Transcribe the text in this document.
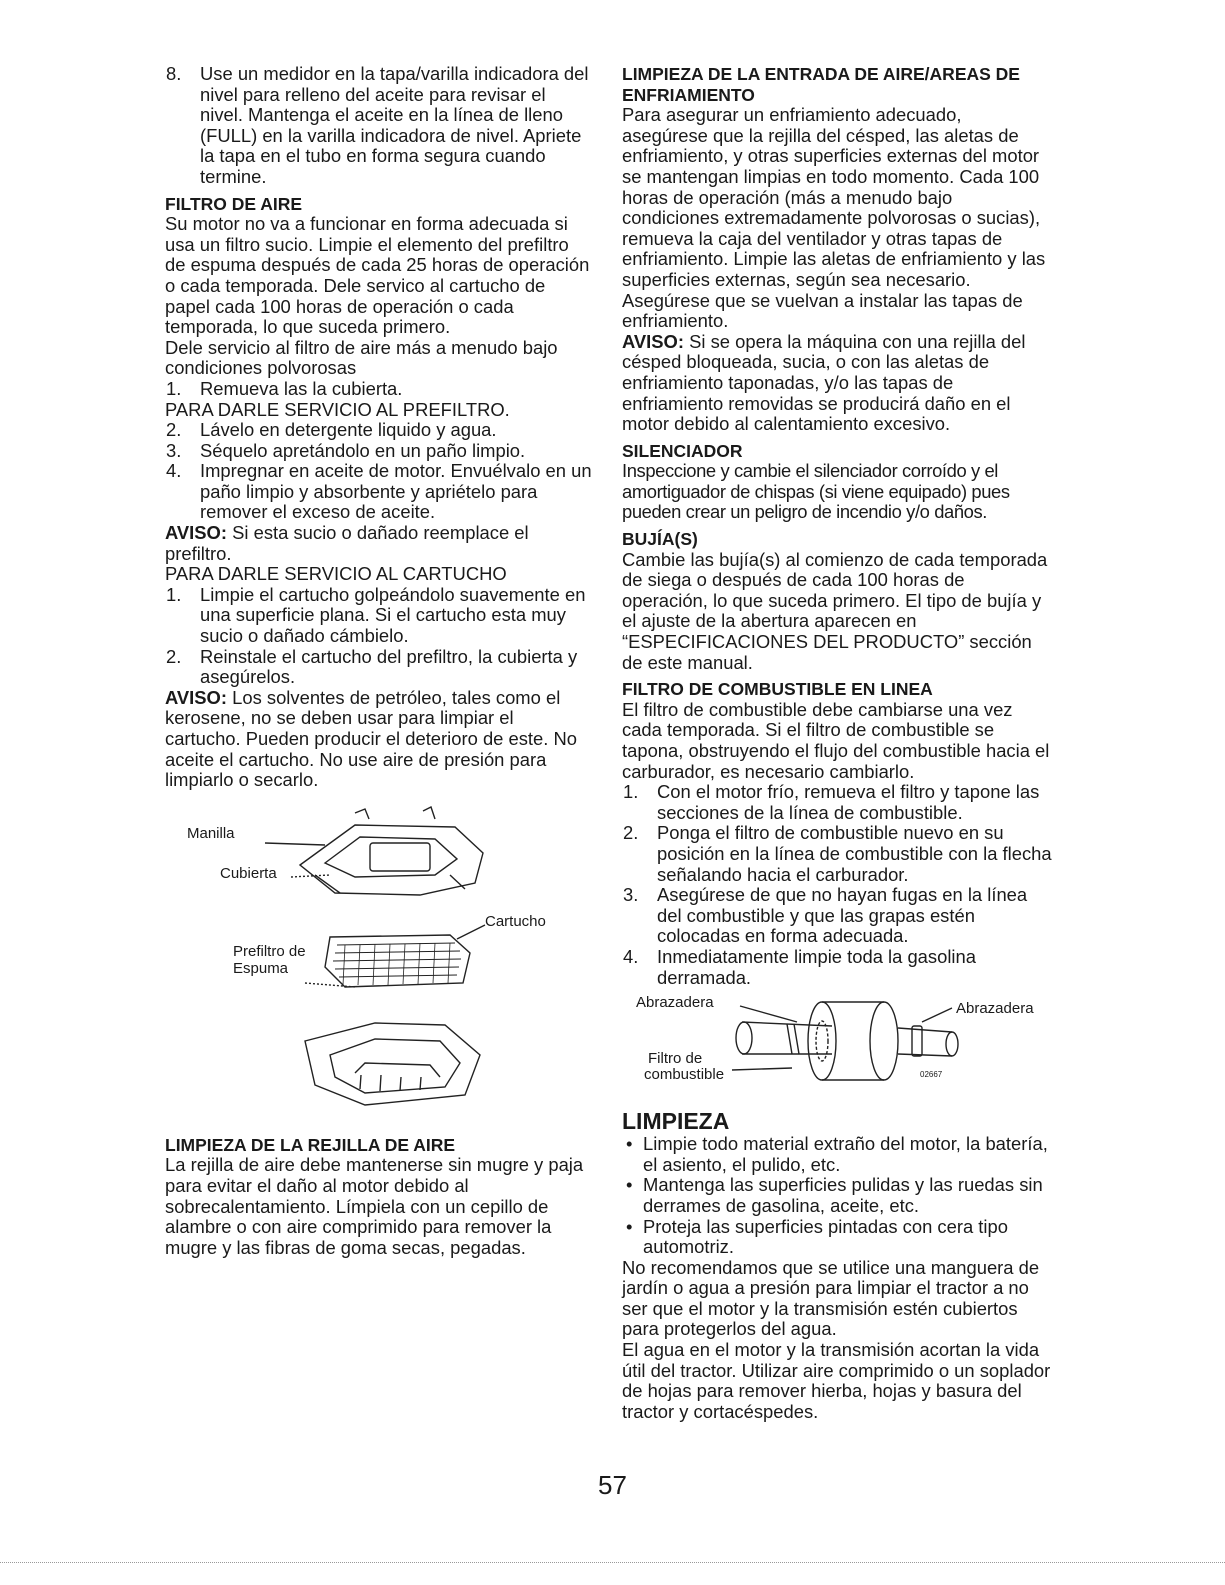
8. Use un medidor en la tapa/varilla indicadora del nivel para relleno del aceite para revisar el nivel. Mantenga el aceite en la línea de lleno (FULL) en la varilla indicadora de nivel. Apriete la tapa en el tubo en forma segura cuando termine.
FILTRO DE AIRE

Su motor no va a funcionar en forma adecuada si usa un filtro sucio. Limpie el elemento del prefiltro de espuma después de cada 25 horas de operación o cada temporada. Dele servico al cartucho de papel cada 100 horas de operación o cada temporada, lo que suceda primero.

Dele servicio al filtro de aire más a menudo bajo condiciones polvorosas

1. Remueva las la cubierta.

PARA DARLE SERVICIO AL PREFILTRO.

2. Lávelo en detergente liquido y agua.
3. Séquelo apretándolo en un paño limpio.
4. Impregnar en aceite de motor. Envuélvalo en un paño limpio y absorbente y apriételo para remover el exceso de aceite.

AVISO: Si esta sucio o dañado reemplace el prefiltro.

PARA DARLE SERVICIO AL CARTUCHO

1. Limpie el cartucho golpeándolo suavemente en una superficie plana. Si el cartucho esta muy sucio o dañado cámbielo.
2. Reinstale el cartucho del prefiltro, la cubierta y asegúrelos.

AVISO: Los solventes de petróleo, tales como el kerosene, no se deben usar para limpiar el cartucho. Pueden producir el deterioro de este. No aceite el cartucho. No use aire de presión para limpiarlo o secarlo.

Manilla
Cubierta
Cartucho
Prefiltro de
Espuma
LIMPIEZA DE LA REJILLA DE AIRE

La rejilla de aire debe mantenerse sin mugre y paja para evitar el daño al motor debido al sobrecalentamiento. Límpiela con un cepillo de alambre o con aire comprimido para remover la mugre y las fibras de goma secas, pegadas.

LIMPIEZA DE LA ENTRADA DE AIRE/AREAS DE ENFRIAMIENTO

Para asegurar un enfriamiento adecuado, asegúrese que la rejilla del césped, las aletas de enfriamiento, y otras superficies externas del motor se mantengan limpias en todo momento. Cada 100 horas de operación (más a menudo bajo condiciones extremadamente polvorosas o sucias), remueva la caja del ventilador y otras tapas de enfriamiento. Limpie las aletas de enfriamiento y las superficies externas, según sea necesario. Asegúrese que se vuelvan a instalar las tapas de enfriamiento.

AVISO: Si se opera la máquina con una rejilla del césped bloqueada, sucia, o con las aletas de enfriamiento taponadas, y/o las tapas de enfriamiento removidas se producirá daño en el motor debido al calentamiento excesivo.

SILENCIADOR

Inspeccione y cambie el silenciador corroído y el amortiguador de chispas (si viene equipado) pues pueden crear un peligro de incendio y/o daños.

BUJÍA(S)

Cambie las bujía(s) al comienzo de cada temporada de siega o después de cada 100 horas de operación, lo que suceda primero. El tipo de bujía y el ajuste de la abertura aparecen en “ESPECIFICACIONES DEL PRODUCTO” sección de este manual.

FILTRO DE COMBUSTIBLE EN LINEA

El filtro de combustible debe cambiarse una vez cada temporada. Si el filtro de combustible se tapona, obstruyendo el flujo del combustible hacia el carburador, es necesario cambiarlo.

1. Con el motor frío, remueva el filtro y tapone las secciones de la línea de combustible.
2. Ponga el filtro de combustible nuevo en su posición en la línea de combustible con la flecha señalando hacia el carburador.
3. Asegúrese de que no hayan fugas en la línea del combustible y que las grapas estén colocadas en forma adecuada.
4. Inmediatamente limpie toda la gasolina derramada.
Abrazadera	Abrazadera
Filtro de
combustible	02667
LIMPIEZA
• Limpie todo material extraño del motor, la batería, el asiento, el pulido, etc.
• Mantenga las superficies pulidas y las ruedas sin derrames de gasolina, aceite, etc.
• Proteja las superficies pintadas con cera tipo automotriz.

No recomendamos que se utilice una manguera de jardín o agua a presión para limpiar el tractor a no ser que el motor y la transmisión estén cubiertos para protegerlos del agua.

El agua en el motor y la transmisión acortan la vida útil del tractor. Utilizar aire comprimido o un soplador de hojas para remover hierba, hojas y basura del tractor y cortacéspedes.

57
